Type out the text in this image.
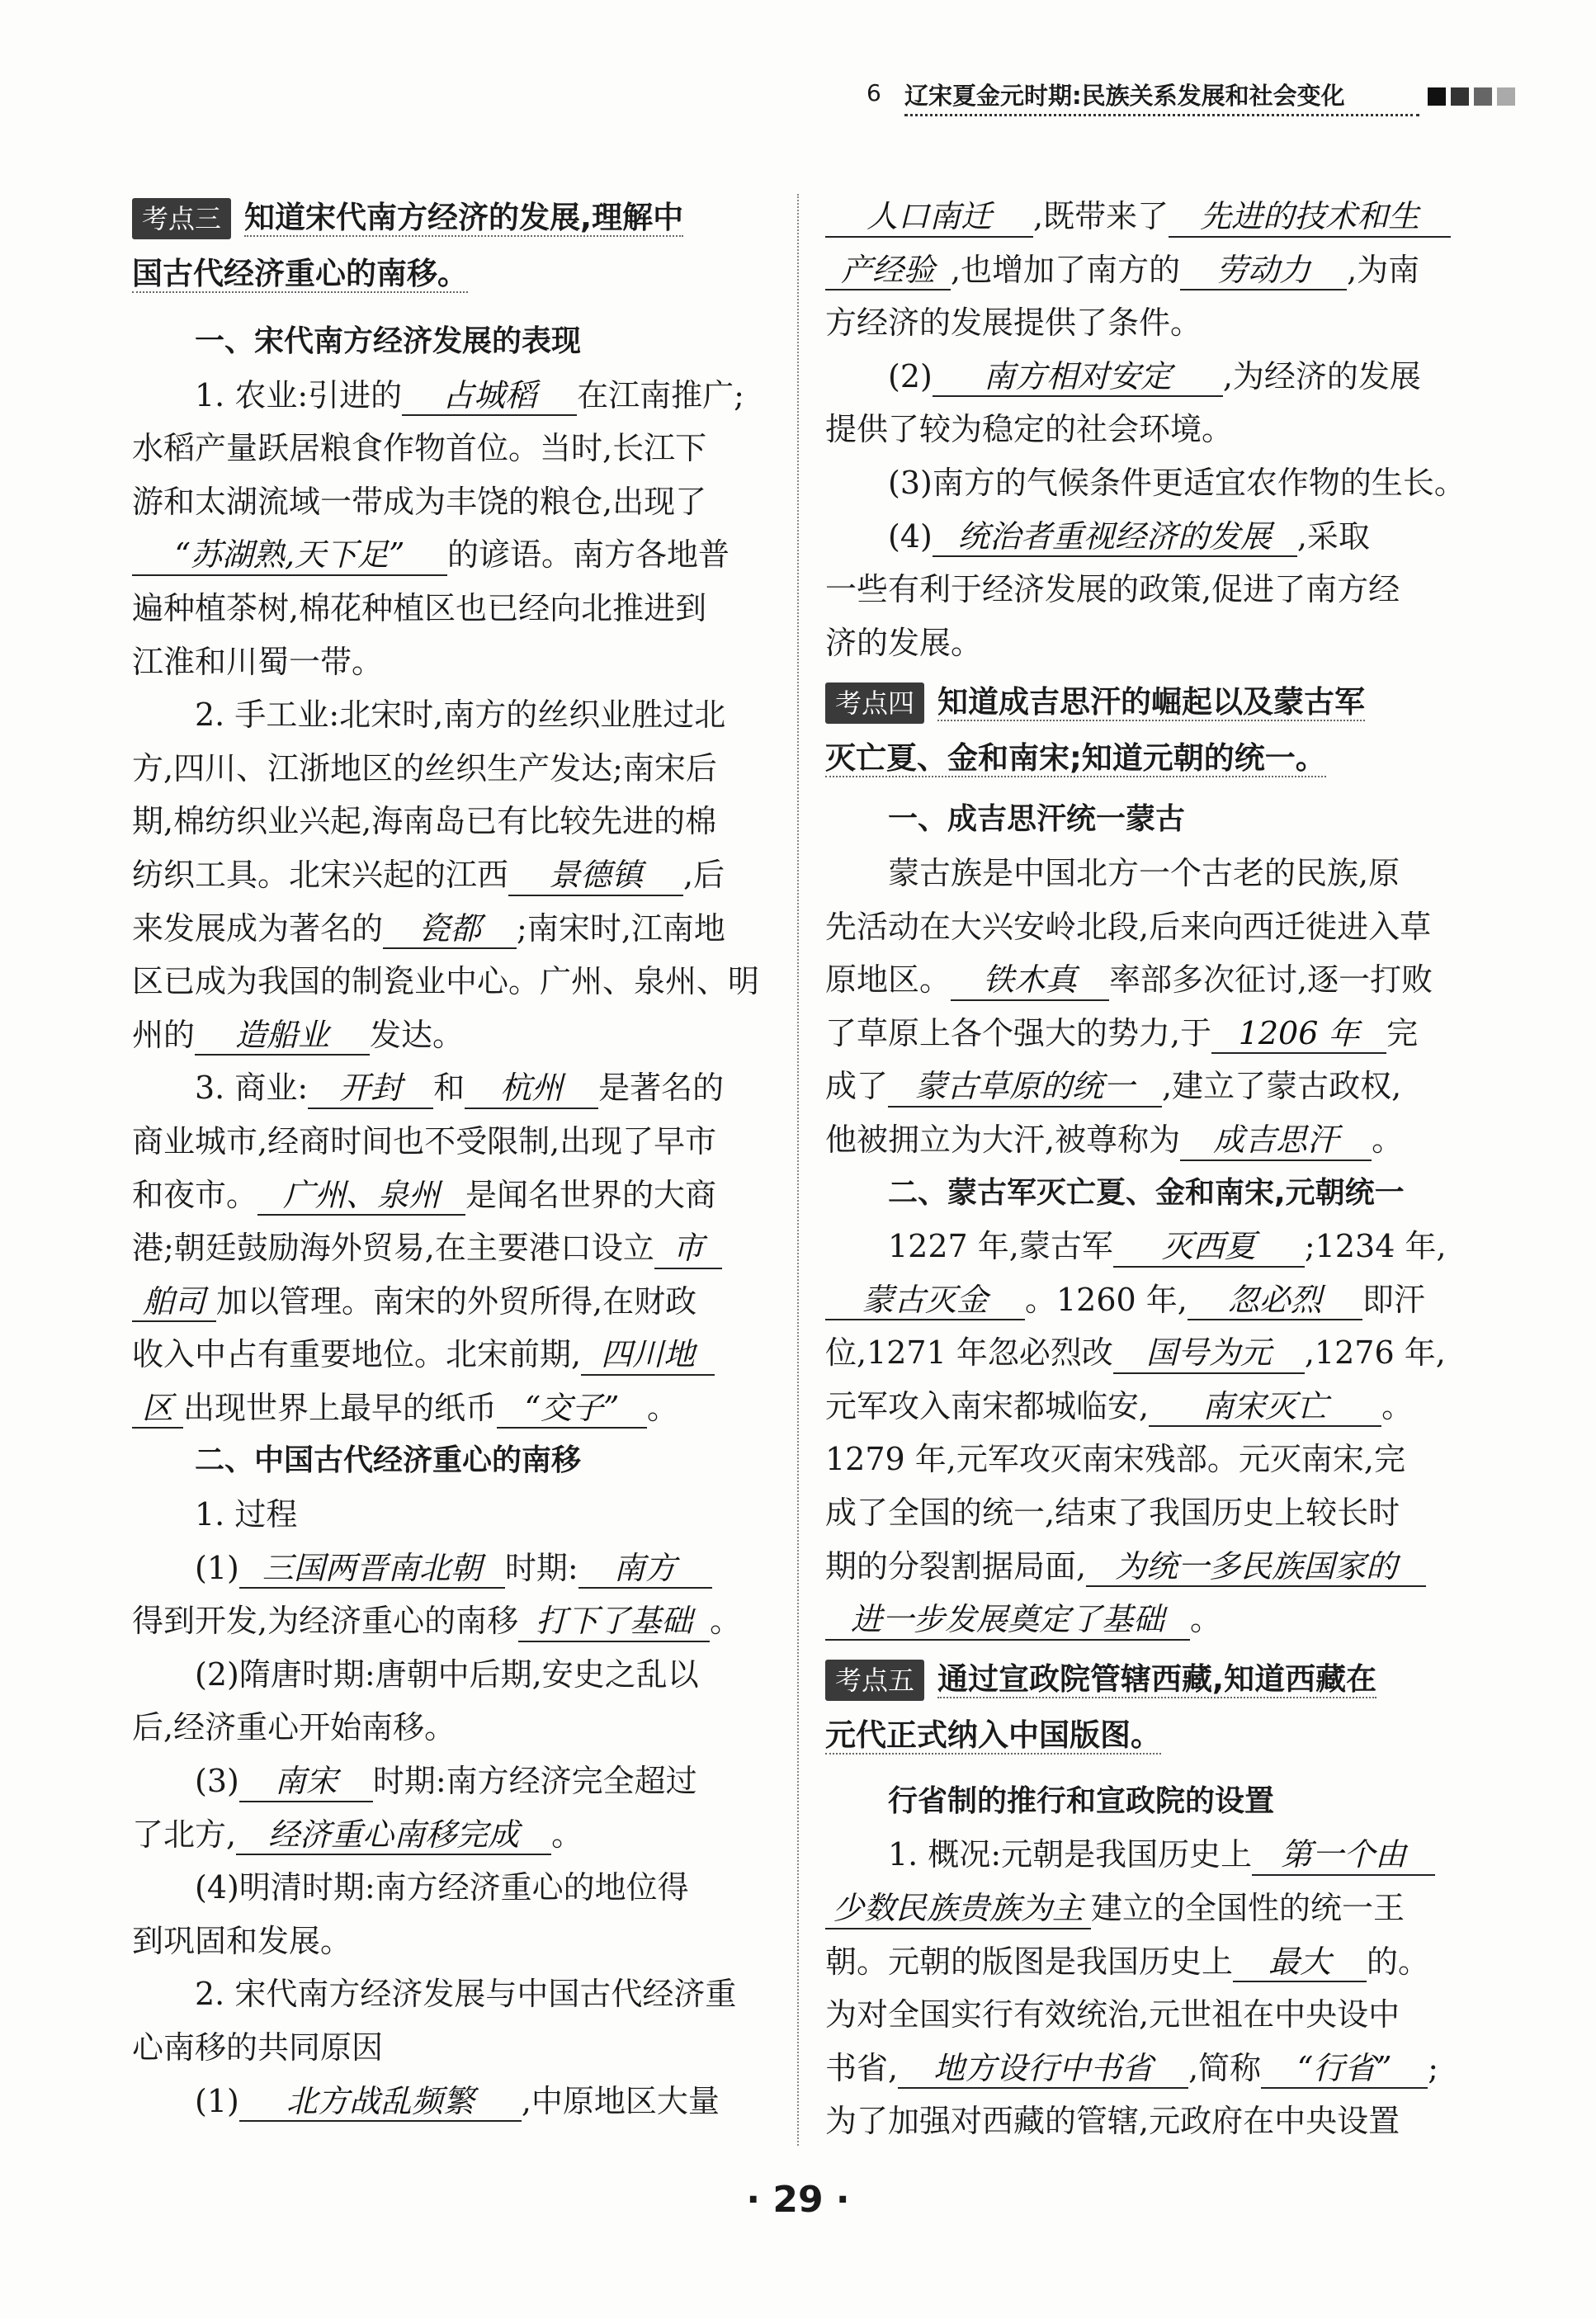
6 辽宋夏金元时期:民族关系发展和社会变化
考点三 知道宋代南方经济的发展,理解中
国古代经济重心的南移。
一、宋代南方经济发展的表现
1. 农业:引进的 占城稻 在江南推广;
水稻产量跃居粮食作物首位。当时,长江下
游和太湖流域一带成为丰饶的粮仓,出现了
“苏湖熟,天下足” 的谚语。南方各地普
遍种植茶树,棉花种植区也已经向北推进到
江淮和川蜀一带。
2. 手工业:北宋时,南方的丝织业胜过北
方,四川、江浙地区的丝织生产发达;南宋后
期,棉纺织业兴起,海南岛已有比较先进的棉
纺织工具。北宋兴起的江西 景德镇 ,后
来发展成为著名的 瓷都 ;南宋时,江南地
区已成为我国的制瓷业中心。广州、泉州、明
州的 造船业 发达。
3. 商业: 开封 和 杭州 是著名的
商业城市,经商时间也不受限制,出现了早市
和夜市。 广州、泉州 是闻名世界的大商
港;朝廷鼓励海外贸易,在主要港口设立 市
舶司 加以管理。南宋的外贸所得,在财政
收入中占有重要地位。北宋前期, 四川地
区 出现世界上最早的纸币 “交子” 。
二、中国古代经济重心的南移
1. 过程
(1) 三国两晋南北朝 时期: 南方
得到开发,为经济重心的南移 打下了基础 。
(2)隋唐时期:唐朝中后期,安史之乱以
后,经济重心开始南移。
(3) 南宋 时期:南方经济完全超过
了北方, 经济重心南移完成 。
(4)明清时期:南方经济重心的地位得
到巩固和发展。
2. 宋代南方经济发展与中国古代经济重
心南移的共同原因
(1) 北方战乱频繁 ,中原地区大量
人口南迁 ,既带来了 先进的技术和生
产经验 ,也增加了南方的 劳动力 ,为南
方经济的发展提供了条件。
(2) 南方相对安定 ,为经济的发展
提供了较为稳定的社会环境。
(3)南方的气候条件更适宜农作物的生长。
(4) 统治者重视经济的发展 ,采取
一些有利于经济发展的政策,促进了南方经
济的发展。
考点四 知道成吉思汗的崛起以及蒙古军
灭亡夏、金和南宋;知道元朝的统一。
一、成吉思汗统一蒙古
蒙古族是中国北方一个古老的民族,原
先活动在大兴安岭北段,后来向西迁徙进入草
原地区。 铁木真 率部多次征讨,逐一打败
了草原上各个强大的势力,于 1206 年 完
成了 蒙古草原的统一 ,建立了蒙古政权,
他被拥立为大汗,被尊称为 成吉思汗 。
二、蒙古军灭亡夏、金和南宋,元朝统一
1227 年,蒙古军 灭西夏 ;1234 年,
蒙古灭金 。1260 年, 忽必烈 即汗
位,1271 年忽必烈改 国号为元 ,1276 年,
元军攻入南宋都城临安, 南宋灭亡 。
1279 年,元军攻灭南宋残部。元灭南宋,完
成了全国的统一,结束了我国历史上较长时
期的分裂割据局面, 为统一多民族国家的
进一步发展奠定了基础 。
考点五 通过宣政院管辖西藏,知道西藏在
元代正式纳入中国版图。
行省制的推行和宣政院的设置
1. 概况:元朝是我国历史上 第一个由
少数民族贵族为主 建立的全国性的统一王
朝。元朝的版图是我国历史上 最大 的。
为对全国实行有效统治,元世祖在中央设中
书省, 地方设行中书省 ,简称 “行省” ;
为了加强对西藏的管辖,元政府在中央设置
· 29 ·
